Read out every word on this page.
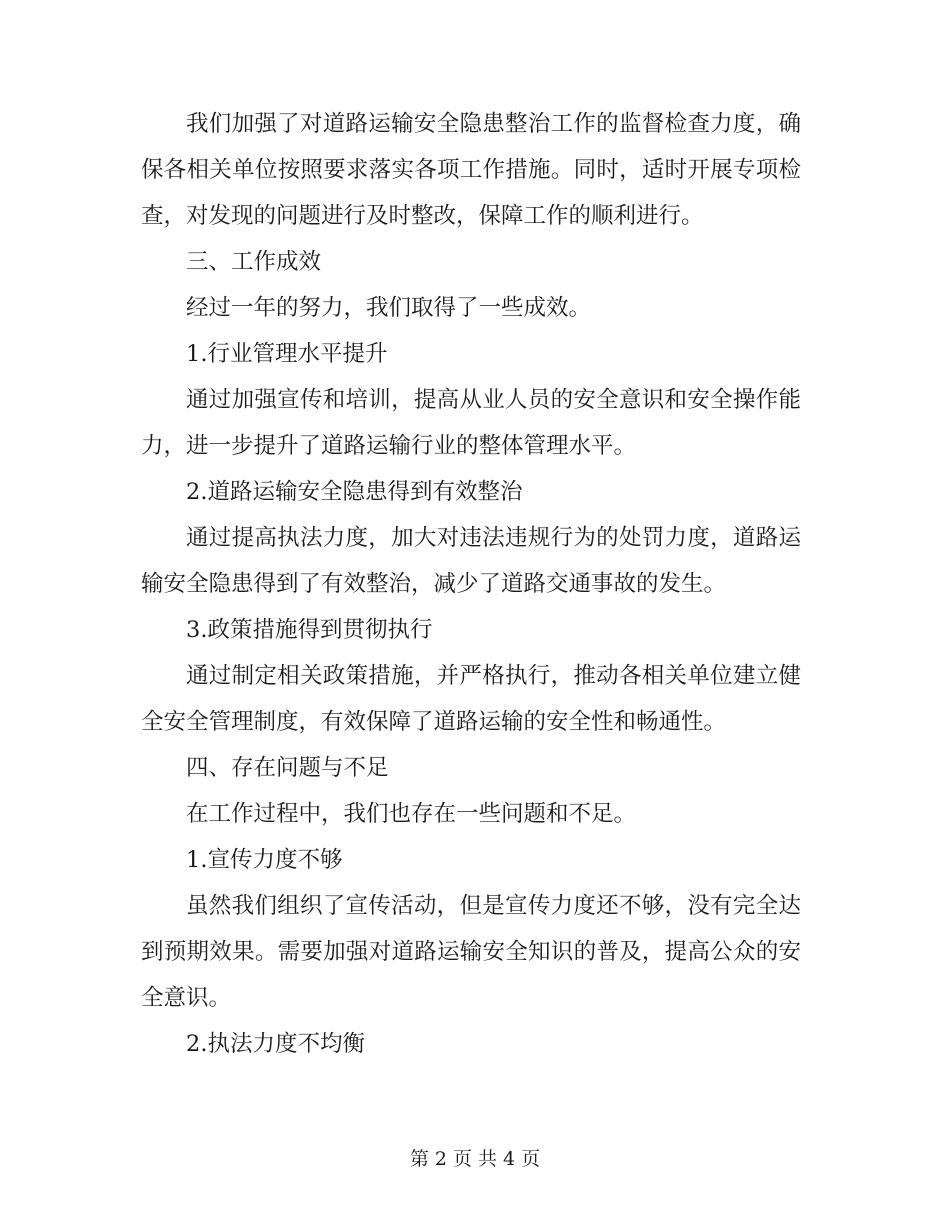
我们加强了对道路运输安全隐患整治工作的监督检查力度，确保各相关单位按照要求落实各项工作措施。同时，适时开展专项检查，对发现的问题进行及时整改，保障工作的顺利进行。

三、工作成效

经过一年的努力，我们取得了一些成效。

1.行业管理水平提升

通过加强宣传和培训，提高从业人员的安全意识和安全操作能力，进一步提升了道路运输行业的整体管理水平。

2.道路运输安全隐患得到有效整治

通过提高执法力度，加大对违法违规行为的处罚力度，道路运输安全隐患得到了有效整治，减少了道路交通事故的发生。

3.政策措施得到贯彻执行

通过制定相关政策措施，并严格执行，推动各相关单位建立健全安全管理制度，有效保障了道路运输的安全性和畅通性。

四、存在问题与不足

在工作过程中，我们也存在一些问题和不足。

1.宣传力度不够

虽然我们组织了宣传活动，但是宣传力度还不够，没有完全达到预期效果。需要加强对道路运输安全知识的普及，提高公众的安全意识。

2.执法力度不均衡

第 2 页 共 4 页
